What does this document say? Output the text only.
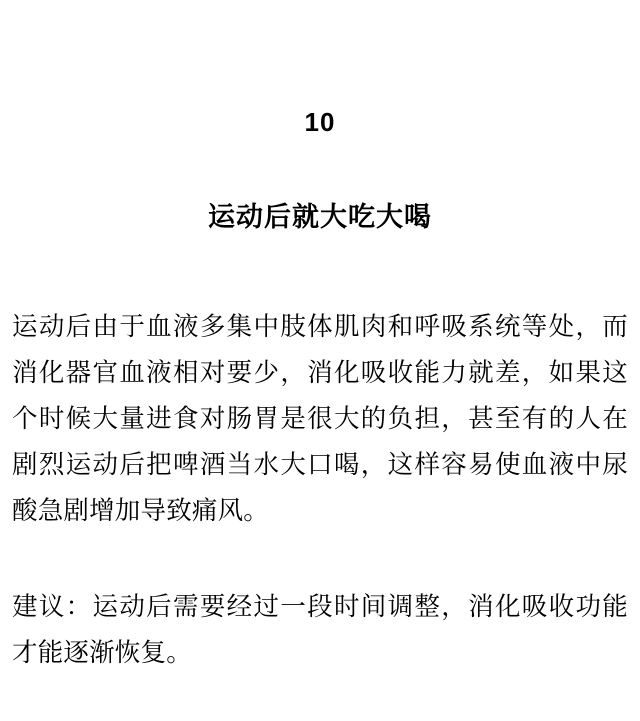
10
运动后就大吃大喝

运动后由于血液多集中肢体肌肉和呼吸系统等处，而消化器官血液相对要少，消化吸收能力就差，如果这个时候大量进食对肠胃是很大的负担，甚至有的人在剧烈运动后把啤酒当水大口喝，这样容易使血液中尿酸急剧增加导致痛风。

建议：运动后需要经过一段时间调整，消化吸收功能才能逐渐恢复。
